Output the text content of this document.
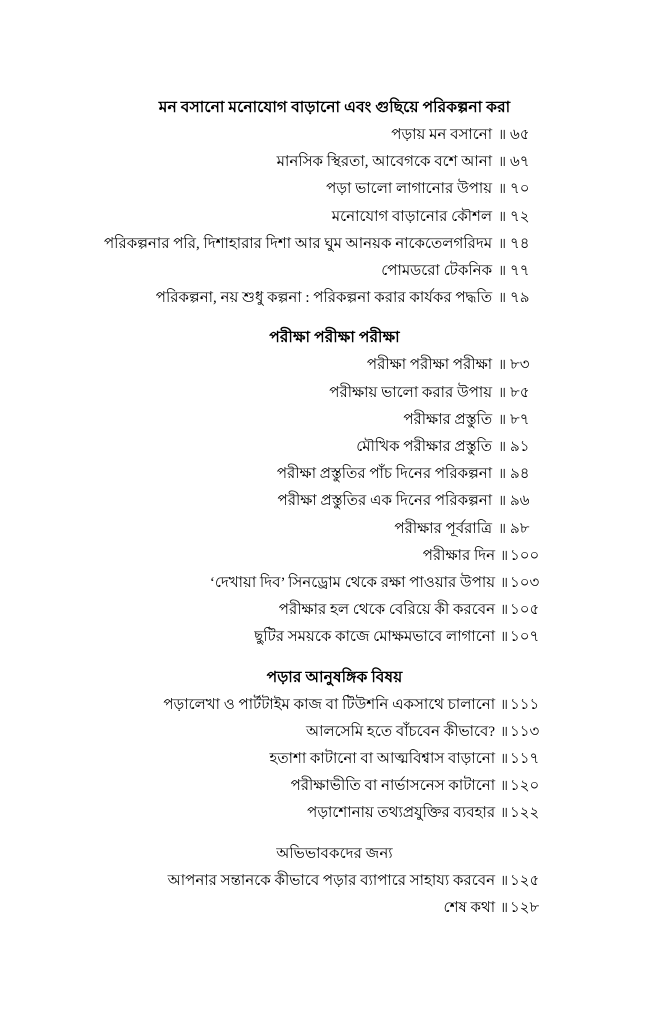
মন বসানো মনোযোগ বাড়ানো এবং গুছিয়ে পরিকল্পনা করা
পড়ায় মন বসানো ॥ ৬৫
মানসিক স্থিরতা, আবেগকে বশে আনা ॥ ৬৭
পড়া ভালো লাগানোর উপায় ॥ ৭০
মনোযোগ বাড়ানোর কৌশল ॥ ৭২
পরিকল্পনার পরি, দিশাহারার দিশা আর ঘুম আনয়ক নাকেতেলগরিদম ॥ ৭৪
পোমডরো টেকনিক ॥ ৭৭
পরিকল্পনা, নয় শুধু কল্পনা : পরিকল্পনা করার কার্যকর পদ্ধতি ॥ ৭৯
পরীক্ষা পরীক্ষা পরীক্ষা
পরীক্ষা পরীক্ষা পরীক্ষা ॥ ৮৩
পরীক্ষায় ভালো করার উপায় ॥ ৮৫
পরীক্ষার প্রস্তুতি ॥ ৮৭
মৌখিক পরীক্ষার প্রস্তুতি ॥ ৯১
পরীক্ষা প্রস্তুতির পাঁচ দিনের পরিকল্পনা ॥ ৯৪
পরীক্ষা প্রস্তুতির এক দিনের পরিকল্পনা ॥ ৯৬
পরীক্ষার পূর্বরাত্রি ॥ ৯৮
পরীক্ষার দিন ॥ ১০০
‘দেখায়া দিব’ সিনড্রোম থেকে রক্ষা পাওয়ার উপায় ॥ ১০৩
পরীক্ষার হল থেকে বেরিয়ে কী করবেন ॥ ১০৫
ছুটির সময়কে কাজে মোক্ষমভাবে লাগানো ॥ ১০৭
পড়ার আনুষঙ্গিক বিষয়
পড়ালেখা ও পার্টটাইম কাজ বা টিউশনি একসাথে চালানো ॥ ১১১
আলসেমি হতে বাঁচবেন কীভাবে? ॥ ১১৩
হতাশা কাটানো বা আত্মবিশ্বাস বাড়ানো ॥ ১১৭
পরীক্ষাভীতি বা নার্ভাসনেস কাটানো ॥ ১২০
পড়াশোনায় তথ্যপ্রযুক্তির ব্যবহার ॥ ১২২
অভিভাবকদের জন্য
আপনার সন্তানকে কীভাবে পড়ার ব্যাপারে সাহায্য করবেন ॥ ১২৫
শেষ কথা ॥ ১২৮
